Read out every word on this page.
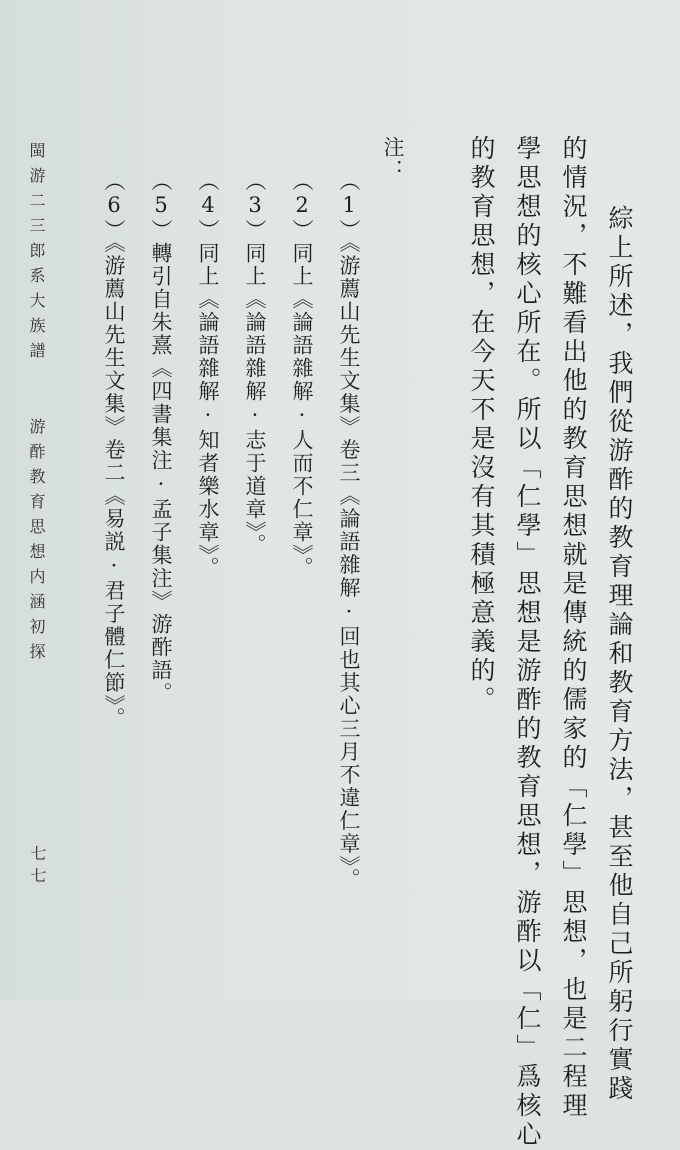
　綜上所述，我們從游酢的教育理論和教育方法，甚至他自己所躬行實踐
的情況，不難看出他的教育思想就是傳統的儒家的「仁學」思想，也是二程理
學思想的核心所在。所以「仁學」思想是游酢的教育思想，游酢以「仁」爲核心
的教育思想，在今天不是沒有其積極意義的。
注：
（1）《游薦山先生文集》卷三《論語雜解·回也其心三月不違仁章》。
（2）同上《論語雜解·人而不仁章》。
（3）同上《論語雜解·志于道章》。
（4）同上《論語雜解·知者樂水章》。
（5）轉引自朱熹《四書集注·孟子集注》游酢語。
（6）《游薦山先生文集》卷二《易説·君子體仁節》。
閩游二三郎系大族譜
游酢教育思想内涵初探
七七
